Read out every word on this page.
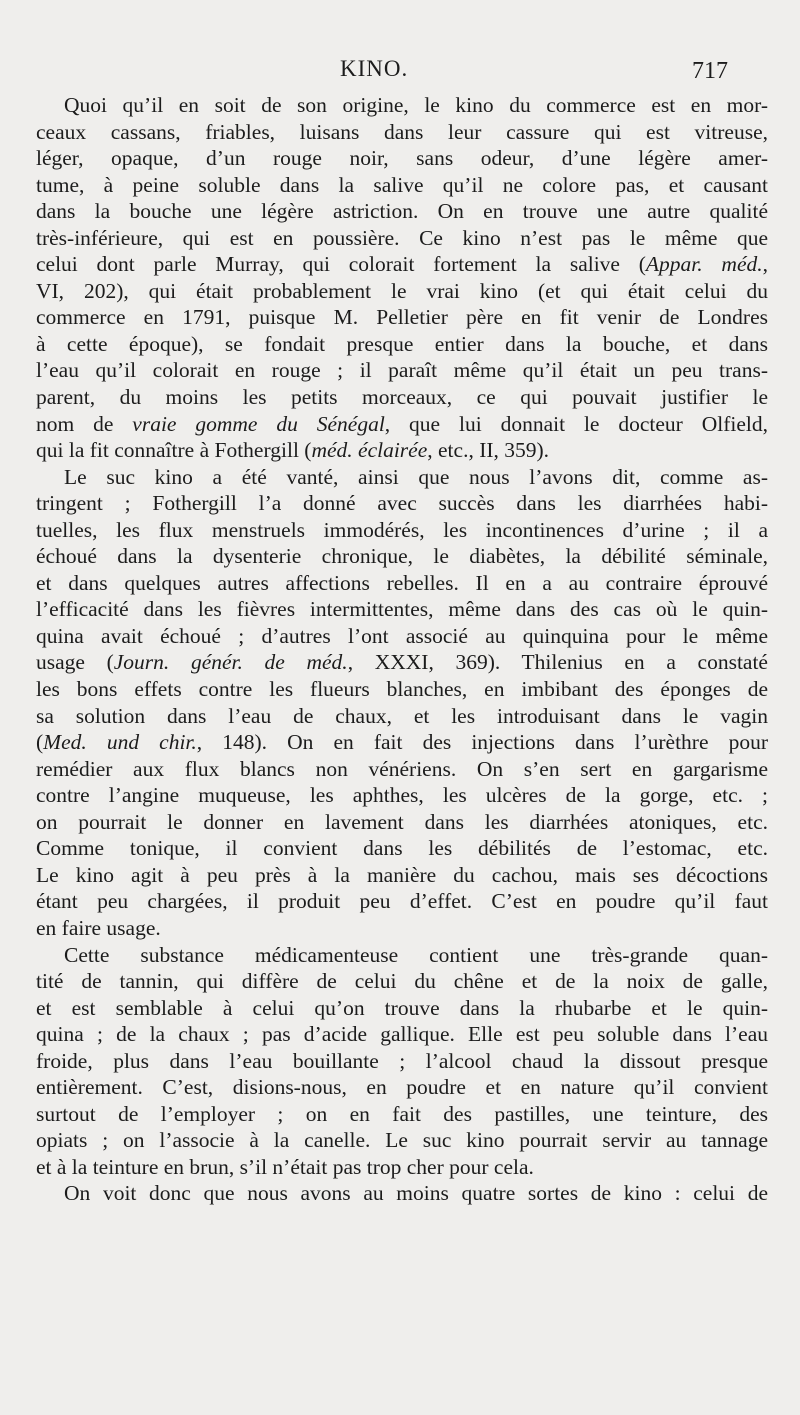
KINO.	717

Quoi qu’il en soit de son origine, le kino du commerce est en mor-
ceaux cassans, friables, luisans dans leur cassure qui est vitreuse,
léger, opaque, d’un rouge noir, sans odeur, d’une légère amer-
tume, à peine soluble dans la salive qu’il ne colore pas, et causant
dans la bouche une légère astriction. On en trouve une autre qualité
très-inférieure, qui est en poussière. Ce kino n’est pas le même que
celui dont parle Murray, qui colorait fortement la salive (Appar. méd.,
VI, 202), qui était probablement le vrai kino (et qui était celui du
commerce en 1791, puisque M. Pelletier père en fit venir de Londres
à cette époque), se fondait presque entier dans la bouche, et dans
l’eau qu’il colorait en rouge ; il paraît même qu’il était un peu trans-
parent, du moins les petits morceaux, ce qui pouvait justifier le
nom de vraie gomme du Sénégal, que lui donnait le docteur Olfield,
qui la fit connaître à Fothergill (méd. éclairée, etc., II, 359).

Le suc kino a été vanté, ainsi que nous l’avons dit, comme as-
tringent ; Fothergill l’a donné avec succès dans les diarrhées habi-
tuelles, les flux menstruels immodérés, les incontinences d’urine ; il a
échoué dans la dysenterie chronique, le diabètes, la débilité séminale,
et dans quelques autres affections rebelles. Il en a au contraire éprouvé
l’efficacité dans les fièvres intermittentes, même dans des cas où le quin-
quina avait échoué ; d’autres l’ont associé au quinquina pour le même
usage (Journ. génér. de méd., XXXI, 369). Thilenius en a constaté
les bons effets contre les flueurs blanches, en imbibant des éponges de
sa solution dans l’eau de chaux, et les introduisant dans le vagin
(Med. und chir., 148). On en fait des injections dans l’urèthre pour
remédier aux flux blancs non vénériens. On s’en sert en gargarisme
contre l’angine muqueuse, les aphthes, les ulcères de la gorge, etc. ;
on pourrait le donner en lavement dans les diarrhées atoniques, etc.
Comme tonique, il convient dans les débilités de l’estomac, etc.
Le kino agit à peu près à la manière du cachou, mais ses décoctions
étant peu chargées, il produit peu d’effet. C’est en poudre qu’il faut
en faire usage.

Cette substance médicamenteuse contient une très-grande quan-
tité de tannin, qui diffère de celui du chêne et de la noix de galle,
et est semblable à celui qu’on trouve dans la rhubarbe et le quin-
quina ; de la chaux ; pas d’acide gallique. Elle est peu soluble dans l’eau
froide, plus dans l’eau bouillante ; l’alcool chaud la dissout presque
entièrement. C’est, disions-nous, en poudre et en nature qu’il convient
surtout de l’employer ; on en fait des pastilles, une teinture, des
opiats ; on l’associe à la canelle. Le suc kino pourrait servir au tannage
et à la teinture en brun, s’il n’était pas trop cher pour cela.

On voit donc que nous avons au moins quatre sortes de kino : celui de
